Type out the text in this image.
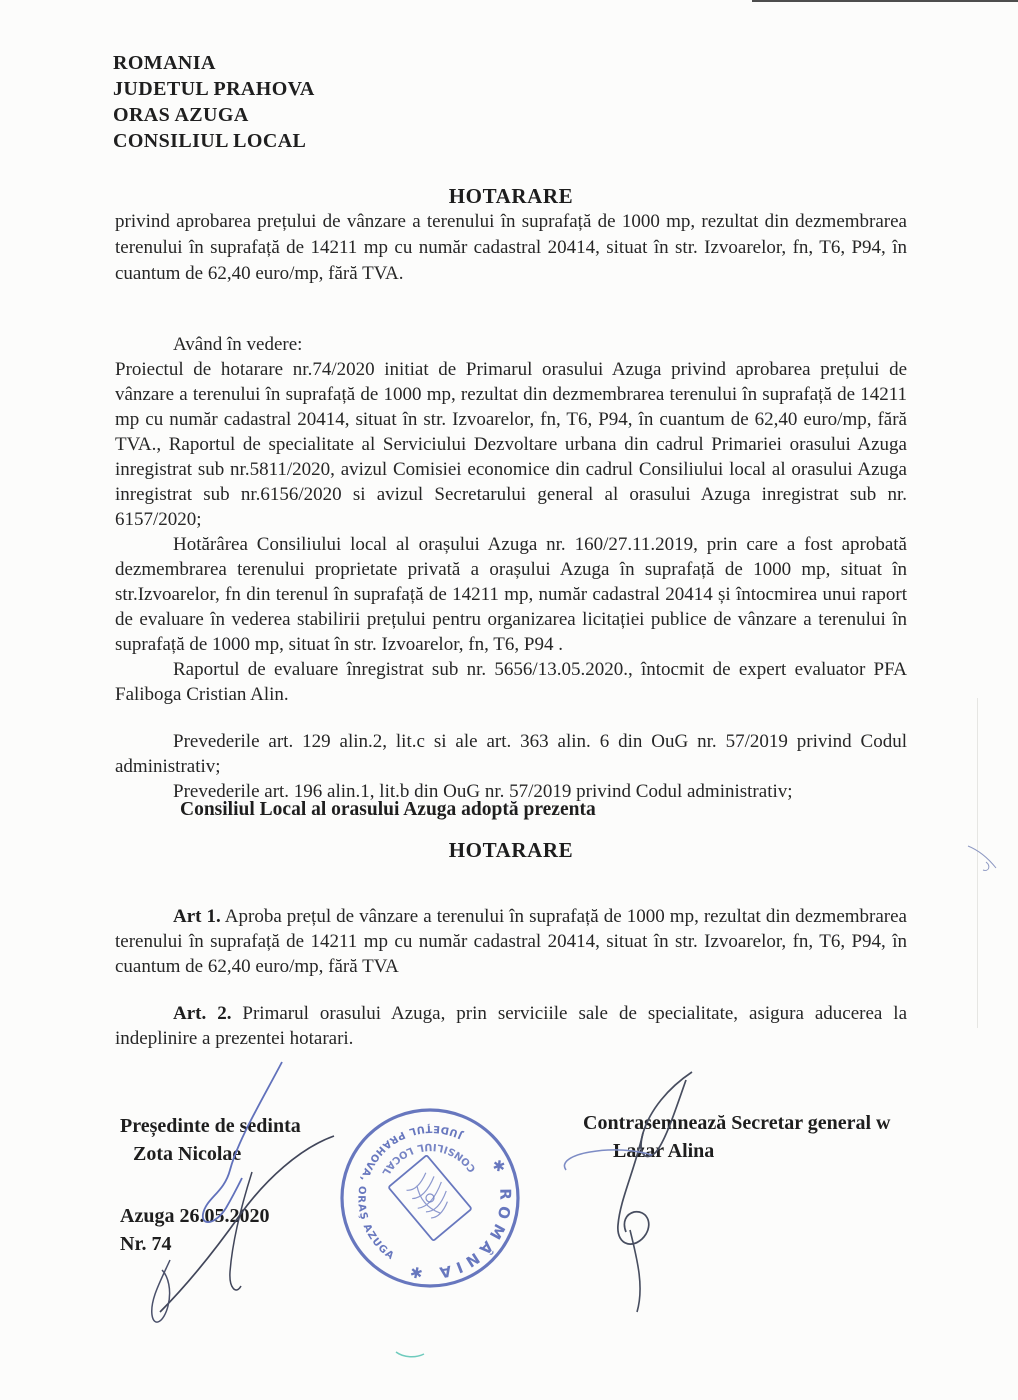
ROMANIA
JUDETUL PRAHOVA
ORAS AZUGA
CONSILIUL LOCAL
HOTARARE
privind aprobarea prețului de vânzare a terenului în suprafață de 1000 mp, rezultat din dezmembrarea terenului în suprafață de 14211 mp cu număr cadastral 20414, situat în str. Izvoarelor, fn, T6, P94, în cuantum de 62,40 euro/mp, fără TVA.

Având în vedere:

Proiectul de hotarare nr.74/2020 initiat de Primarul orasului Azuga privind aprobarea prețului de vânzare a terenului în suprafață de 1000 mp, rezultat din dezmembrarea terenului în suprafață de 14211 mp cu număr cadastral 20414, situat în str. Izvoarelor, fn, T6, P94, în cuantum de 62,40 euro/mp, fără TVA., Raportul de specialitate al Serviciului Dezvoltare urbana din cadrul Primariei orasului Azuga inregistrat sub nr.5811/2020, avizul Comisiei economice din cadrul Consiliului local al orasului Azuga inregistrat sub nr.6156/2020 si avizul Secretarului general al orasului Azuga inregistrat sub nr. 6157/2020;

Hotărârea Consiliului local al orașului Azuga nr. 160/27.11.2019, prin care a fost aprobată dezmembrarea terenului proprietate privată a orașului Azuga în suprafață de 1000 mp, situat în str.Izvoarelor, fn din terenul în suprafață de 14211 mp, număr cadastral 20414 și întocmirea unui raport de evaluare în vederea stabilirii prețului pentru organizarea licitației publice de vânzare a terenului în suprafață de 1000 mp, situat în str. Izvoarelor, fn, T6, P94 .

Raportul de evaluare înregistrat sub nr. 5656/13.05.2020., întocmit de expert evaluator PFA Faliboga Cristian Alin.

Prevederile art. 129 alin.2, lit.c si ale art. 363 alin. 6 din OuG nr. 57/2019 privind Codul administrativ;

Prevederile art. 196 alin.1, lit.b din OuG nr. 57/2019 privind Codul administrativ;

Consiliul Local al orasului Azuga adoptă prezenta
HOTARARE

Art 1. Aproba prețul de vânzare a terenului în suprafață de 1000 mp, rezultat din dezmembrarea terenului în suprafață de 14211 mp cu număr cadastral 20414, situat în str. Izvoarelor, fn, T6, P94, în cuantum de 62,40 euro/mp, fără TVA

Art. 2. Primarul orasului Azuga, prin serviciile sale de specialitate, asigura aducerea la indeplinire a prezentei hotarari.

Președinte de sedinta
Zota Nicolae
Azuga 26.05.2020
Nr. 74
Contrasemnează Secretar general w
Lazar Alina
JUDEŢUL PRAHOVA, ORAŞ AZUGA
CONSILIUL LOCAL	✱ ROMÂNIA ✱
